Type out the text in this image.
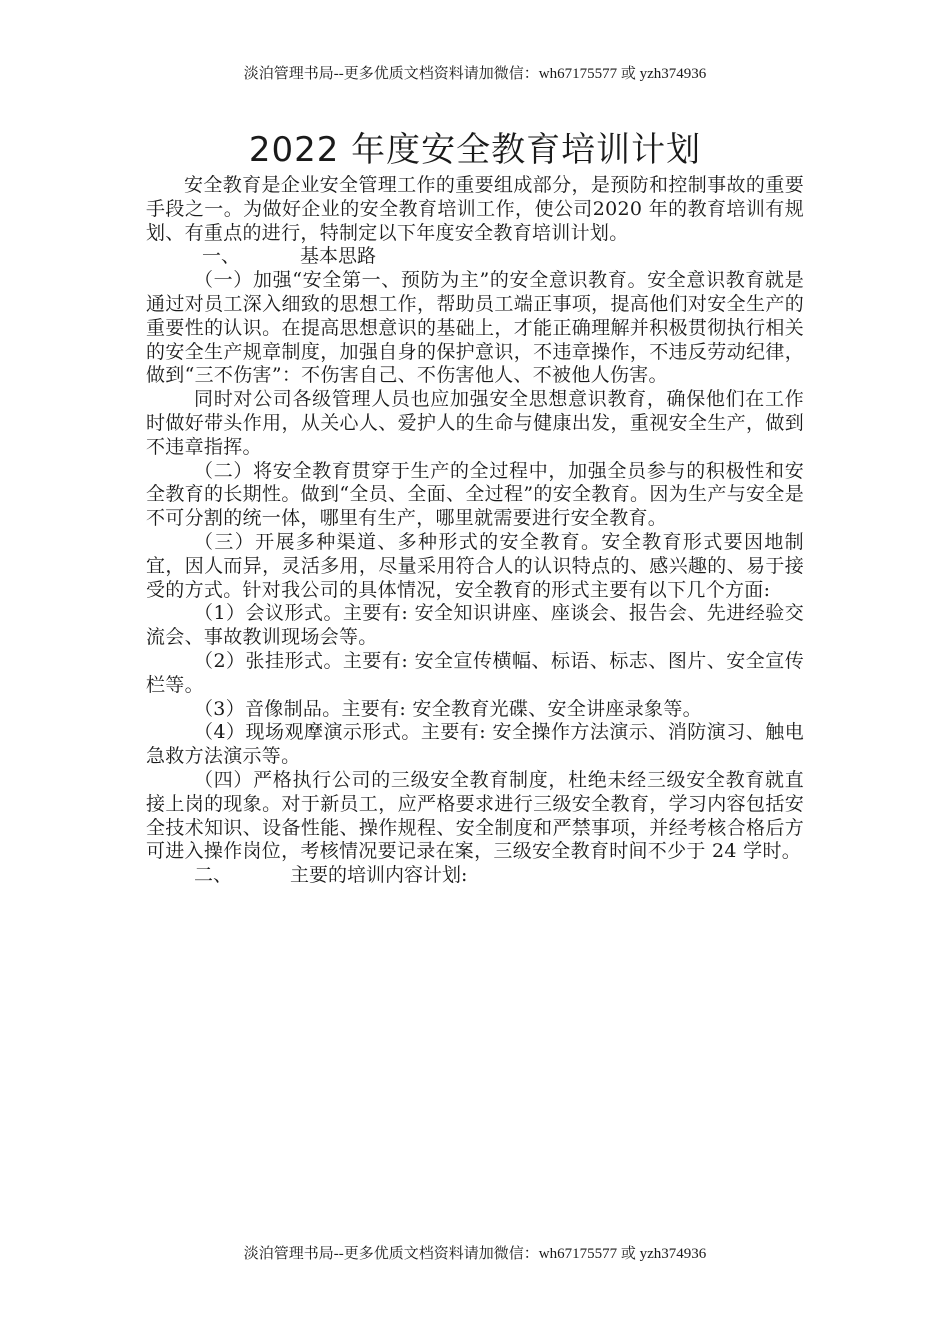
淡泊管理书局--更多优质文档资料请加微信：wh67175577 或 yzh374936
2022 年度安全教育培训计划

安全教育是企业安全管理工作的重要组成部分，是预防和控制事故的重要手段之一。为做好企业的安全教育培训工作，使公司2020 年的教育培训有规划、有重点的进行，特制定以下年度安全教育培训计划。

一、	基本思路

（一）加强“安全第一、预防为主”的安全意识教育。安全意识教育就是通过对员工深入细致的思想工作，帮助员工端正事项，提高他们对安全生产的重要性的认识。在提高思想意识的基础上，才能正确理解并积极贯彻执行相关的安全生产规章制度，加强自身的保护意识，不违章操作，不违反劳动纪律，做到“三不伤害”：不伤害自己、不伤害他人、不被他人伤害。

同时对公司各级管理人员也应加强安全思想意识教育，确保他们在工作时做好带头作用，从关心人、爱护人的生命与健康出发，重视安全生产，做到不违章指挥。

（二）将安全教育贯穿于生产的全过程中，加强全员参与的积极性和安全教育的长期性。做到“全员、全面、全过程”的安全教育。因为生产与安全是不可分割的统一体，哪里有生产，哪里就需要进行安全教育。

（三）开展多种渠道、多种形式的安全教育。安全教育形式要因地制宜，因人而异，灵活多用，尽量采用符合人的认识特点的、感兴趣的、易于接受的方式。针对我公司的具体情况，安全教育的形式主要有以下几个方面:

（1）会议形式。主要有: 安全知识讲座、座谈会、报告会、先进经验交流会、事故教训现场会等。

（2）张挂形式。主要有: 安全宣传横幅、标语、标志、图片、安全宣传栏等。

（3）音像制品。主要有: 安全教育光碟、安全讲座录象等。

（4）现场观摩演示形式。主要有: 安全操作方法演示、消防演习、触电急救方法演示等。

（四）严格执行公司的三级安全教育制度，杜绝未经三级安全教育就直接上岗的现象。对于新员工，应严格要求进行三级安全教育，学习内容包括安全技术知识、设备性能、操作规程、安全制度和严禁事项，并经考核合格后方可进入操作岗位，考核情况要记录在案，三级安全教育时间不少于 24 学时。

二、	主要的培训内容计划:

淡泊管理书局--更多优质文档资料请加微信：wh67175577 或 yzh374936
